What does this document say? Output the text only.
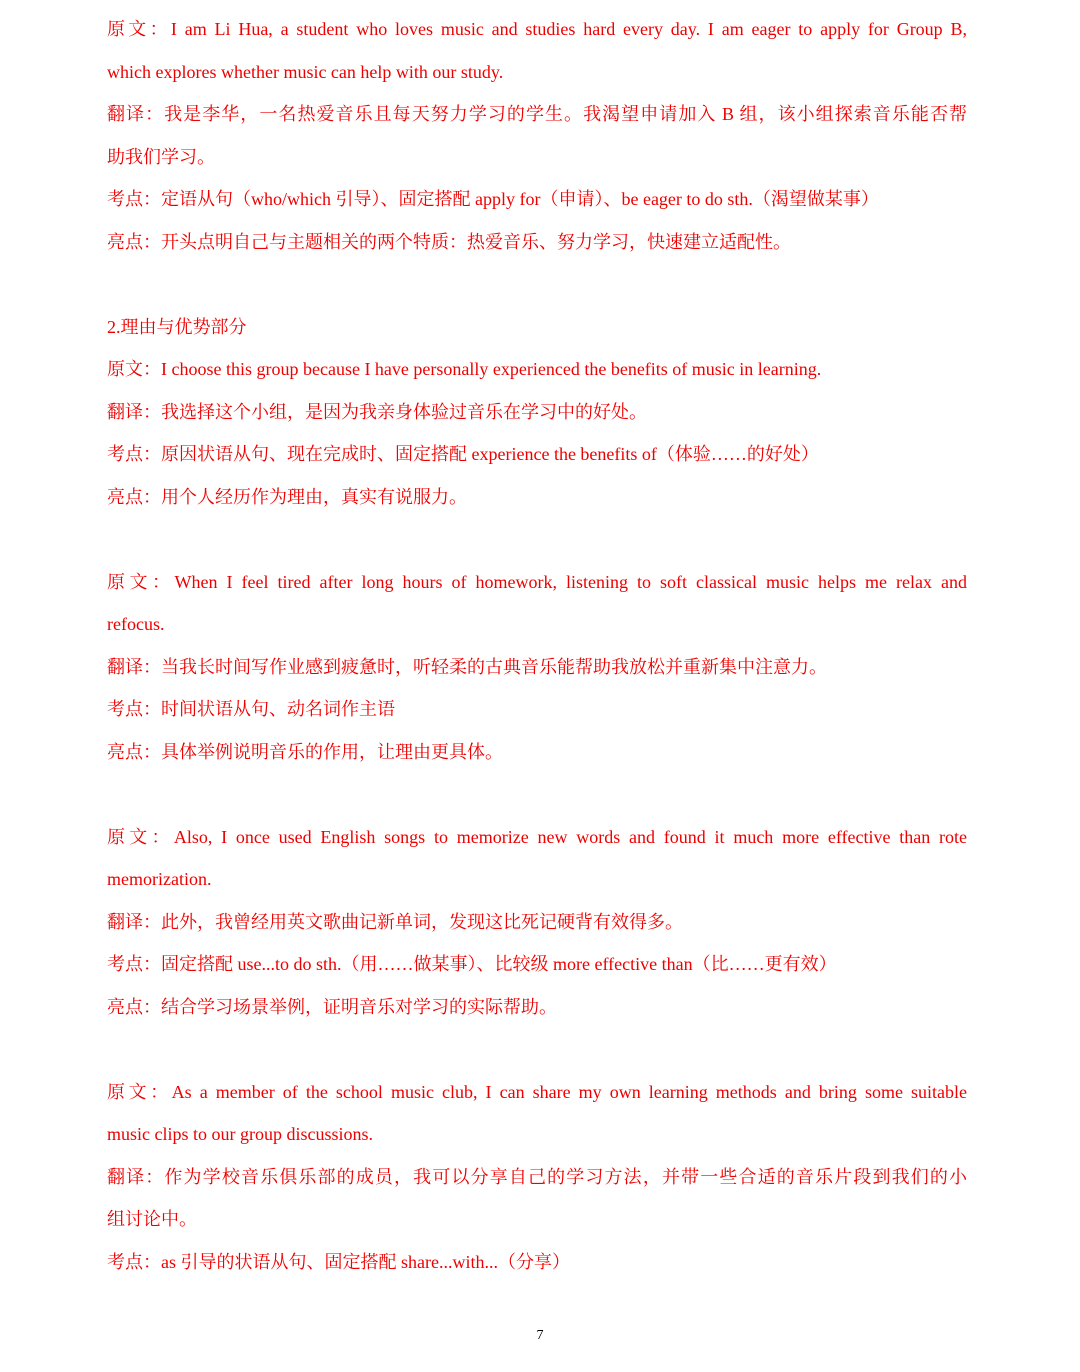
原文：I am Li Hua, a student who loves music and studies hard every day. I am eager to apply for Group B,
which explores whether music can help with our study.
翻译：我是李华，一名热爱音乐且每天努力学习的学生。我渴望申请加入 B 组，该小组探索音乐能否帮
助我们学习。
考点：定语从句（who/which 引导）、固定搭配 apply for（申请）、be eager to do sth.（渴望做某事）
亮点：开头点明自己与主题相关的两个特质：热爱音乐、努力学习，快速建立适配性。
2.理由与优势部分
原文：I choose this group because I have personally experienced the benefits of music in learning.
翻译：我选择这个小组，是因为我亲身体验过音乐在学习中的好处。
考点：原因状语从句、现在完成时、固定搭配 experience the benefits of（体验……的好处）
亮点：用个人经历作为理由，真实有说服力。
原文：When I feel tired after long hours of homework, listening to soft classical music helps me relax and
refocus.
翻译：当我长时间写作业感到疲惫时，听轻柔的古典音乐能帮助我放松并重新集中注意力。
考点：时间状语从句、动名词作主语
亮点：具体举例说明音乐的作用，让理由更具体。
原文：Also, I once used English songs to memorize new words and found it much more effective than rote
memorization.
翻译：此外，我曾经用英文歌曲记新单词，发现这比死记硬背有效得多。
考点：固定搭配 use...to do sth.（用……做某事）、比较级 more effective than（比……更有效）
亮点：结合学习场景举例，证明音乐对学习的实际帮助。
原文：As a member of the school music club, I can share my own learning methods and bring some suitable
music clips to our group discussions.
翻译：作为学校音乐俱乐部的成员，我可以分享自己的学习方法，并带一些合适的音乐片段到我们的小
组讨论中。
考点：as 引导的状语从句、固定搭配 share...with...（分享）
7
